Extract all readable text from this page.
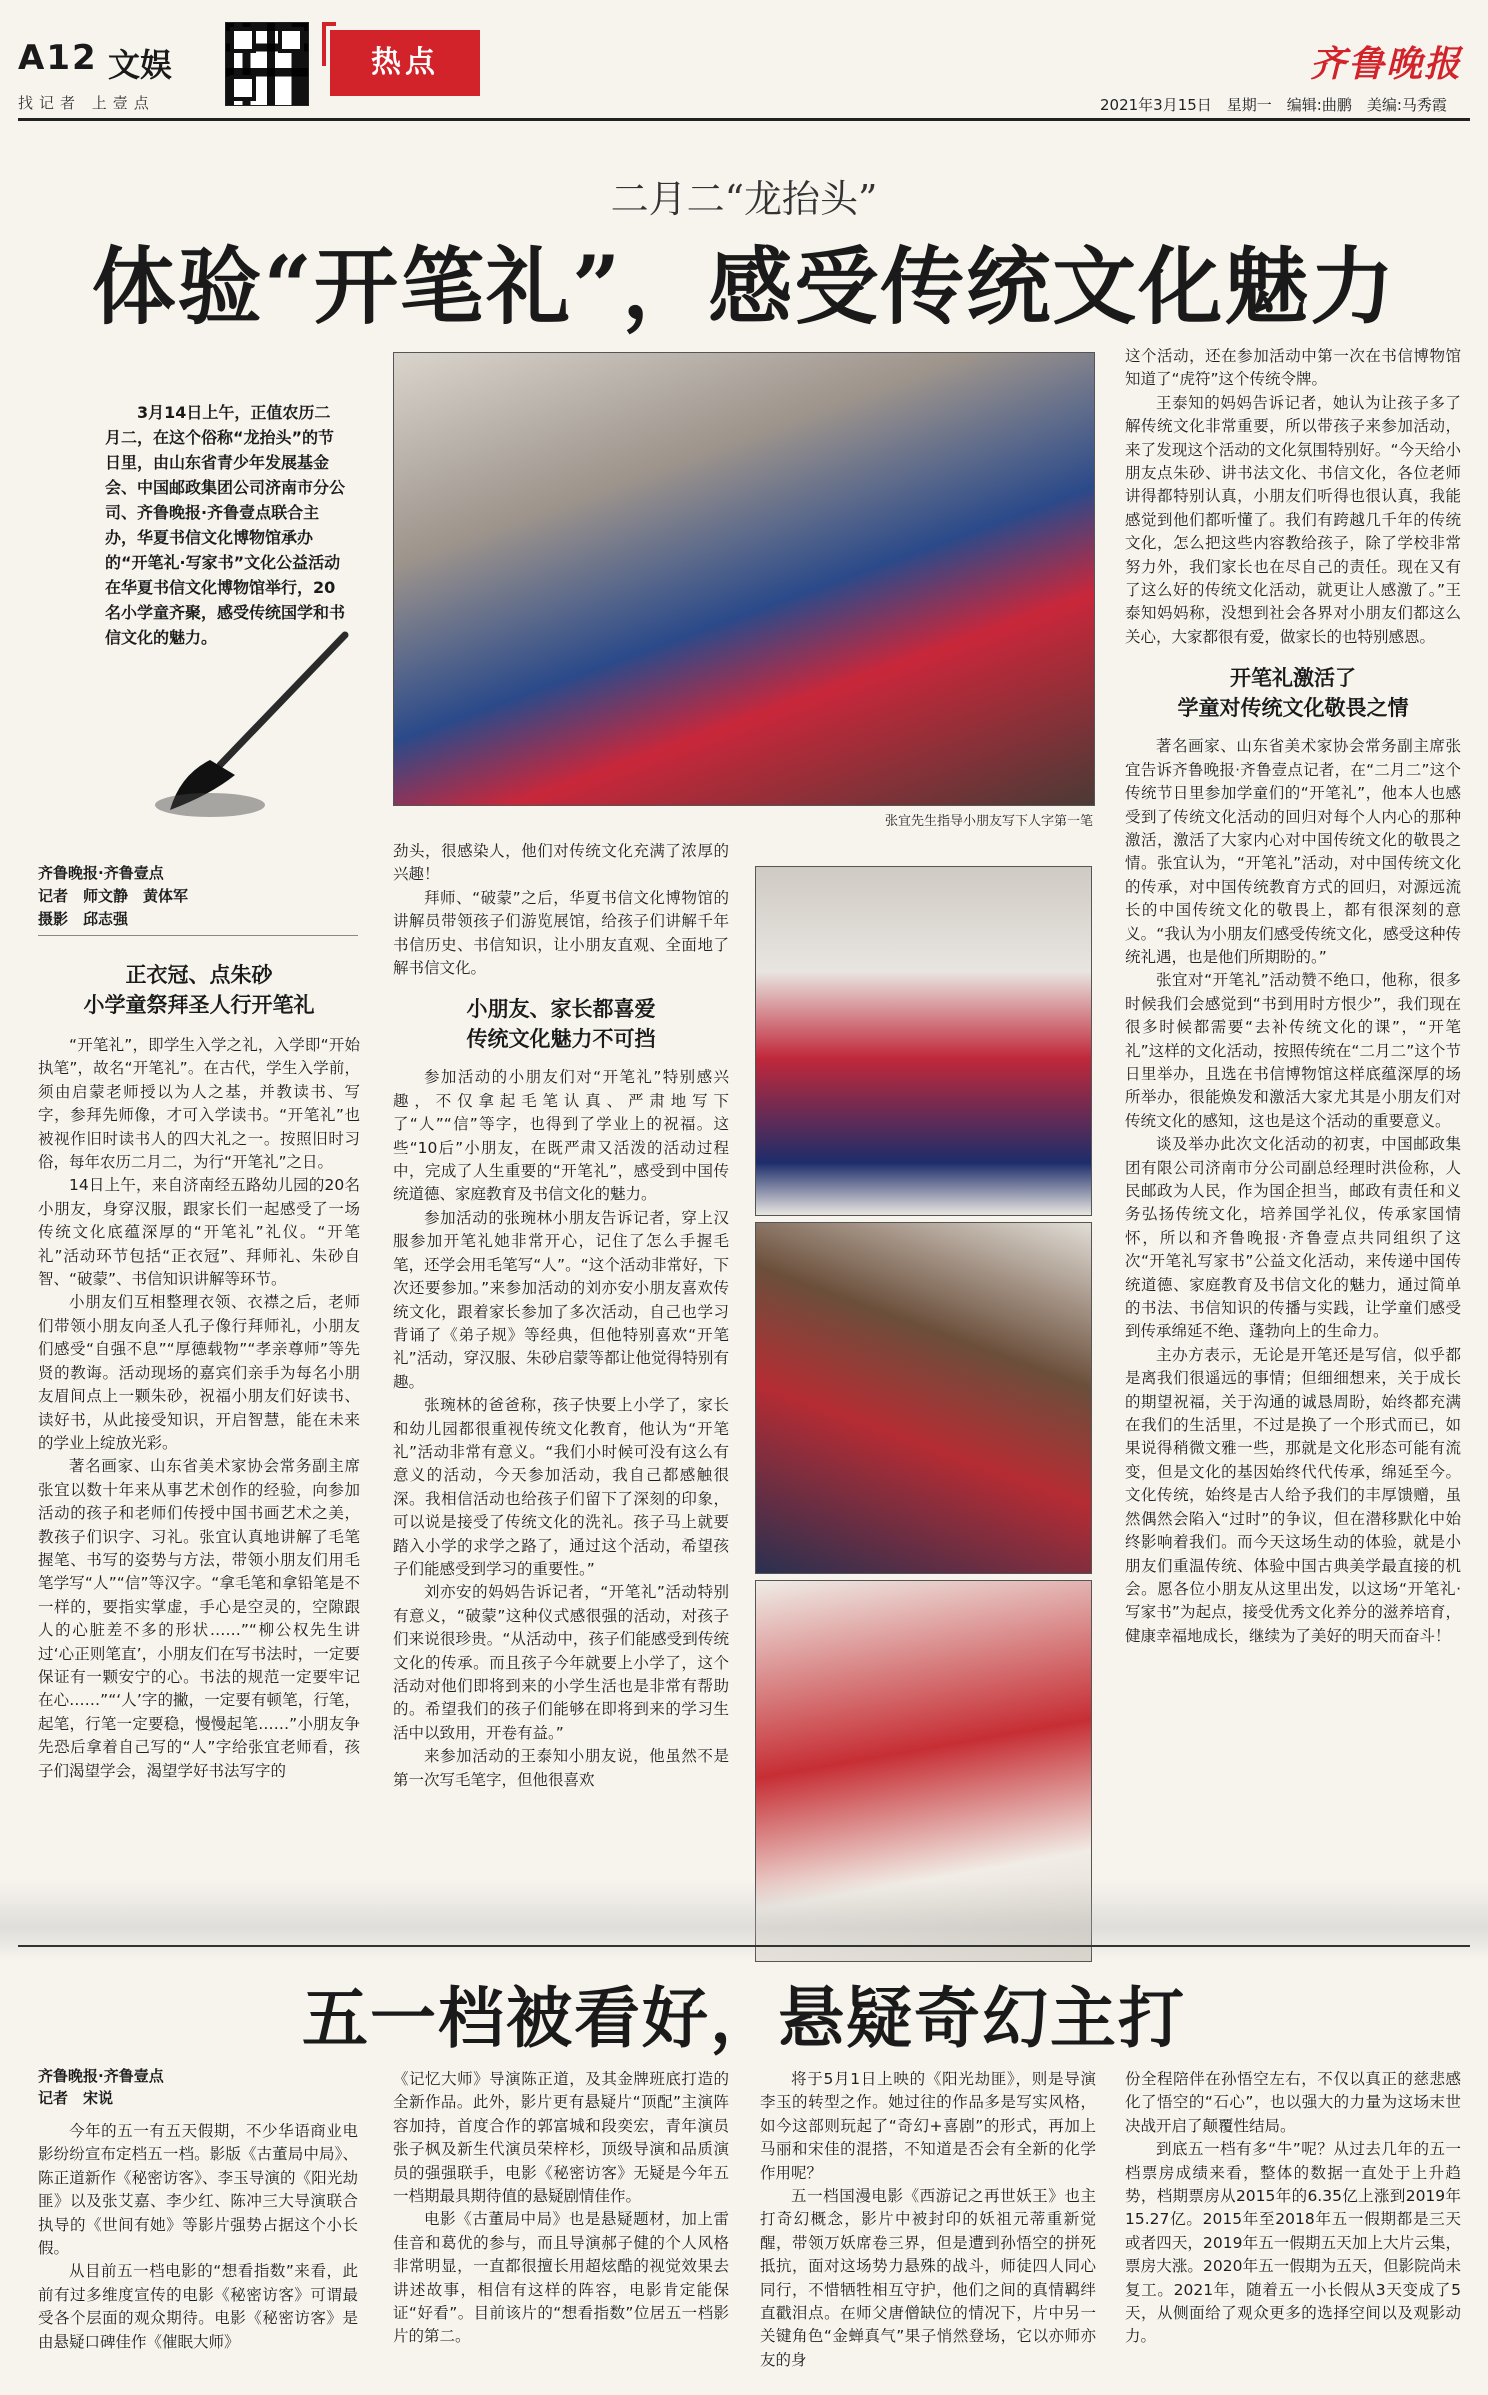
A12 文娱
找记者 上壹点
热点	齐鲁晚报
2021年3月15日　星期一　编辑:曲鹏　美编:马秀霞
二月二“龙抬头”
体验“开笔礼”，感受传统文化魅力
3月14日上午，正值农历二月二，在这个俗称“龙抬头”的节日里，由山东省青少年发展基金会、中国邮政集团公司济南市分公司、齐鲁晚报·齐鲁壹点联合主办，华夏书信文化博物馆承办的“开笔礼·写家书”文化公益活动在华夏书信文化博物馆举行，20名小学童齐聚，感受传统国学和书信文化的魅力。
张宜先生指导小朋友写下人字第一笔
齐鲁晚报·齐鲁壹点
记者　师文静　黄体军
摄影　邱志强
正衣冠、点朱砂
小学童祭拜圣人行开笔礼

“开笔礼”，即学生入学之礼，入学即“开始执笔”，故名“开笔礼”。在古代，学生入学前，须由启蒙老师授以为人之基，并教读书、写字，参拜先师像，才可入学读书。“开笔礼”也被视作旧时读书人的四大礼之一。按照旧时习俗，每年农历二月二，为行“开笔礼”之日。

14日上午，来自济南经五路幼儿园的20名小朋友，身穿汉服，跟家长们一起感受了一场传统文化底蕴深厚的“开笔礼”礼仪。“开笔礼”活动环节包括“正衣冠”、拜师礼、朱砂自智、“破蒙”、书信知识讲解等环节。

小朋友们互相整理衣领、衣襟之后，老师们带领小朋友向圣人孔子像行拜师礼，小朋友们感受“自强不息”“厚德载物”“孝亲尊师”等先贤的教诲。活动现场的嘉宾们亲手为每名小朋友眉间点上一颗朱砂，祝福小朋友们好读书、读好书，从此接受知识，开启智慧，能在未来的学业上绽放光彩。

著名画家、山东省美术家协会常务副主席张宜以数十年来从事艺术创作的经验，向参加活动的孩子和老师们传授中国书画艺术之美，教孩子们识字、习礼。张宜认真地讲解了毛笔握笔、书写的姿势与方法，带领小朋友们用毛笔学写“人”“信”等汉字。“拿毛笔和拿铅笔是不一样的，要指实掌虚，手心是空灵的，空隙跟人的心脏差不多的形状……”“柳公权先生讲过‘心正则笔直’，小朋友们在写书法时，一定要保证有一颗安宁的心。书法的规范一定要牢记在心……”“‘人’字的撇，一定要有顿笔，行笔，起笔，行笔一定要稳，慢慢起笔……”小朋友争先恐后拿着自己写的“人”字给张宜老师看，孩子们渴望学会，渴望学好书法写字的

劲头，很感染人，他们对传统文化充满了浓厚的兴趣！

拜师、“破蒙”之后，华夏书信文化博物馆的讲解员带领孩子们游览展馆，给孩子们讲解千年书信历史、书信知识，让小朋友直观、全面地了解书信文化。

小朋友、家长都喜爱
传统文化魅力不可挡

参加活动的小朋友们对“开笔礼”特别感兴趣，不仅拿起毛笔认真、严肃地写下了“人”“信”等字，也得到了学业上的祝福。这些“10后”小朋友，在既严肃又活泼的活动过程中，完成了人生重要的“开笔礼”，感受到中国传统道德、家庭教育及书信文化的魅力。

参加活动的张琬林小朋友告诉记者，穿上汉服参加开笔礼她非常开心，记住了怎么手握毛笔，还学会用毛笔写“人”。“这个活动非常好，下次还要参加。”来参加活动的刘亦安小朋友喜欢传统文化，跟着家长参加了多次活动，自己也学习背诵了《弟子规》等经典，但他特别喜欢“开笔礼”活动，穿汉服、朱砂启蒙等都让他觉得特别有趣。

张琬林的爸爸称，孩子快要上小学了，家长和幼儿园都很重视传统文化教育，他认为“开笔礼”活动非常有意义。“我们小时候可没有这么有意义的活动，今天参加活动，我自己都感触很深。我相信活动也给孩子们留下了深刻的印象，可以说是接受了传统文化的洗礼。孩子马上就要踏入小学的求学之路了，通过这个活动，希望孩子们能感受到学习的重要性。”

刘亦安的妈妈告诉记者，“开笔礼”活动特别有意义，“破蒙”这种仪式感很强的活动，对孩子们来说很珍贵。“从活动中，孩子们能感受到传统文化的传承。而且孩子今年就要上小学了，这个活动对他们即将到来的小学生活也是非常有帮助的。希望我们的孩子们能够在即将到来的学习生活中以致用，开卷有益。”

来参加活动的王泰知小朋友说，他虽然不是第一次写毛笔字，但他很喜欢

这个活动，还在参加活动中第一次在书信博物馆知道了“虎符”这个传统令牌。

王泰知的妈妈告诉记者，她认为让孩子多了解传统文化非常重要，所以带孩子来参加活动，来了发现这个活动的文化氛围特别好。“今天给小朋友点朱砂、讲书法文化、书信文化，各位老师讲得都特别认真，小朋友们听得也很认真，我能感觉到他们都听懂了。我们有跨越几千年的传统文化，怎么把这些内容教给孩子，除了学校非常努力外，我们家长也在尽自己的责任。现在又有了这么好的传统文化活动，就更让人感激了。”王泰知妈妈称，没想到社会各界对小朋友们都这么关心，大家都很有爱，做家长的也特别感恩。

开笔礼激活了
学童对传统文化敬畏之情

著名画家、山东省美术家协会常务副主席张宜告诉齐鲁晚报·齐鲁壹点记者，在“二月二”这个传统节日里参加学童们的“开笔礼”，他本人也感受到了传统文化活动的回归对每个人内心的那种激活，激活了大家内心对中国传统文化的敬畏之情。张宜认为，“开笔礼”活动，对中国传统文化的传承，对中国传统教育方式的回归，对源远流长的中国传统文化的敬畏上，都有很深刻的意义。“我认为小朋友们感受传统文化，感受这种传统礼遇，也是他们所期盼的。”

张宜对“开笔礼”活动赞不绝口，他称，很多时候我们会感觉到“书到用时方恨少”，我们现在很多时候都需要“去补传统文化的课”，“开笔礼”这样的文化活动，按照传统在“二月二”这个节日里举办，且选在书信博物馆这样底蕴深厚的场所举办，很能焕发和激活大家尤其是小朋友们对传统文化的感知，这也是这个活动的重要意义。

谈及举办此次文化活动的初衷，中国邮政集团有限公司济南市分公司副总经理时洪俭称，人民邮政为人民，作为国企担当，邮政有责任和义务弘扬传统文化，培养国学礼仪，传承家国情怀，所以和齐鲁晚报·齐鲁壹点共同组织了这次“开笔礼写家书”公益文化活动，来传递中国传统道德、家庭教育及书信文化的魅力，通过简单的书法、书信知识的传播与实践，让学童们感受到传承绵延不绝、蓬勃向上的生命力。

主办方表示，无论是开笔还是写信，似乎都是离我们很遥远的事情；但细细想来，关于成长的期望祝福，关于沟通的诚恳周盼，始终都充满在我们的生活里，不过是换了一个形式而已，如果说得稍微文雅一些，那就是文化形态可能有流变，但是文化的基因始终代代传承，绵延至今。文化传统，始终是古人给予我们的丰厚馈赠，虽然偶然会陷入“过时”的争议，但在潜移默化中始终影响着我们。而今天这场生动的体验，就是小朋友们重温传统、体验中国古典美学最直接的机会。愿各位小朋友从这里出发，以这场“开笔礼·写家书”为起点，接受优秀文化养分的滋养培育，健康幸福地成长，继续为了美好的明天而奋斗！

五一档被看好，悬疑奇幻主打
齐鲁晚报·齐鲁壹点
记者　宋说

今年的五一有五天假期，不少华语商业电影纷纷宣布定档五一档。影版《古董局中局》、陈正道新作《秘密访客》、李玉导演的《阳光劫匪》以及张艾嘉、李少红、陈冲三大导演联合执导的《世间有她》等影片强势占据这个小长假。

从目前五一档电影的“想看指数”来看，此前有过多维度宣传的电影《秘密访客》可谓最受各个层面的观众期待。电影《秘密访客》是由悬疑口碑佳作《催眠大师》

《记忆大师》导演陈正道，及其金牌班底打造的全新作品。此外，影片更有悬疑片“顶配”主演阵容加持，首度合作的郭富城和段奕宏，青年演员张子枫及新生代演员荣梓杉，顶级导演和品质演员的强强联手，电影《秘密访客》无疑是今年五一档期最具期待值的悬疑剧情佳作。

电影《古董局中局》也是悬疑题材，加上雷佳音和葛优的参与，而且导演郝子健的个人风格非常明显，一直都很擅长用超炫酷的视觉效果去讲述故事，相信有这样的阵容，电影肯定能保证“好看”。目前该片的“想看指数”位居五一档影片的第二。

将于5月1日上映的《阳光劫匪》，则是导演李玉的转型之作。她过往的作品多是写实风格，如今这部则玩起了“奇幻+喜剧”的形式，再加上马丽和宋佳的混搭，不知道是否会有全新的化学作用呢？

五一档国漫电影《西游记之再世妖王》也主打奇幻概念，影片中被封印的妖祖元蒂重新觉醒，带领万妖席卷三界，但是遭到孙悟空的拼死抵抗，面对这场势力悬殊的战斗，师徒四人同心同行，不惜牺牲相互守护，他们之间的真情羁绊直戳泪点。在师父唐僧缺位的情况下，片中另一关键角色“金蝉真气”果子悄然登场，它以亦师亦友的身

份全程陪伴在孙悟空左右，不仅以真正的慈悲感化了悟空的“石心”，也以强大的力量为这场末世决战开启了颠覆性结局。

到底五一档有多“牛”呢？从过去几年的五一档票房成绩来看，整体的数据一直处于上升趋势，档期票房从2015年的6.35亿上涨到2019年15.27亿。2015年至2018年五一假期都是三天或者四天，2019年五一假期五天加上大片云集，票房大涨。2020年五一假期为五天，但影院尚未复工。2021年，随着五一小长假从3天变成了5天，从侧面给了观众更多的选择空间以及观影动力。
